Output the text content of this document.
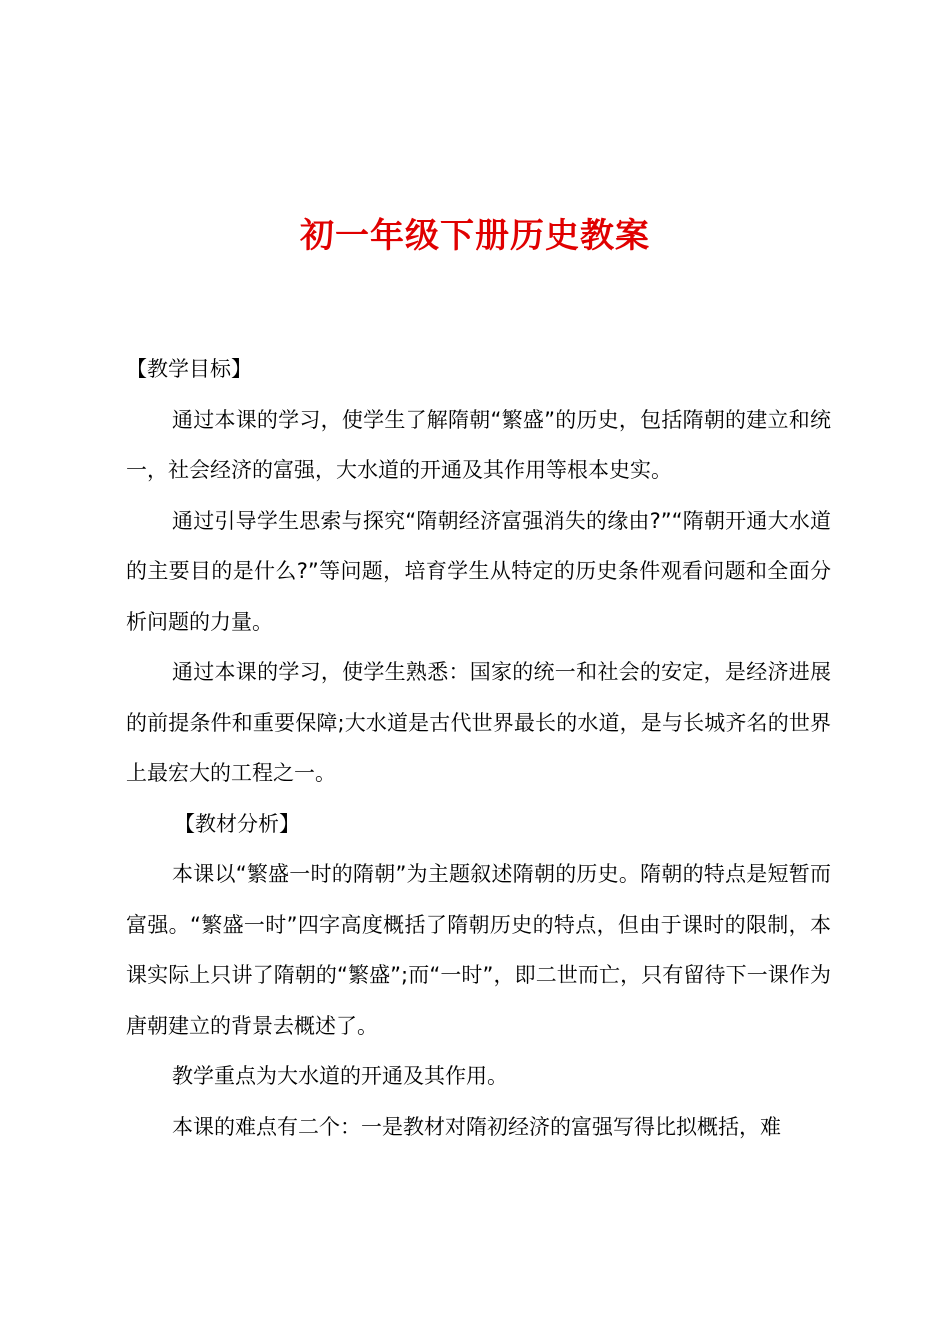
初一年级下册历史教案

【教学目标】

通过本课的学习，使学生了解隋朝“繁盛”的历史，包括隋朝的建立和统一，社会经济的富强，大水道的开通及其作用等根本史实。

通过引导学生思索与探究“隋朝经济富强消失的缘由?”“隋朝开通大水道的主要目的是什么?”等问题，培育学生从特定的历史条件观看问题和全面分析问题的力量。

通过本课的学习，使学生熟悉：国家的统一和社会的安定，是经济进展的前提条件和重要保障;大水道是古代世界最长的水道，是与长城齐名的世界上最宏大的工程之一。

【教材分析】

本课以“繁盛一时的隋朝”为主题叙述隋朝的历史。隋朝的特点是短暂而富强。“繁盛一时”四字高度概括了隋朝历史的特点，但由于课时的限制，本课实际上只讲了隋朝的“繁盛”;而“一时”，即二世而亡，只有留待下一课作为唐朝建立的背景去概述了。

教学重点为大水道的开通及其作用。

本课的难点有二个：一是教材对隋初经济的富强写得比拟概括，难
